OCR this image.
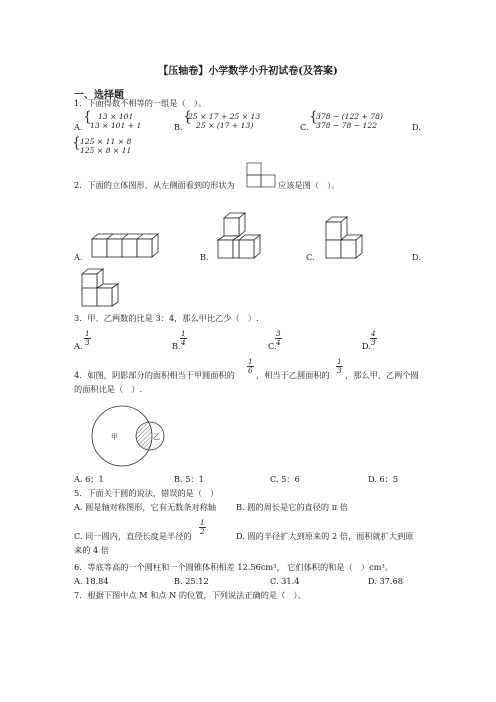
【压轴卷】小学数学小升初试卷(及答案)
一、选择题
1．下面得数不相等的一组是（　）。
A.
{ 13 × 101
13 × 101 + 1	B.
{
25 × 17 + 25 × 13
25 × (17 + 13)	C.
{
378 − (122 + 78)
378 − 78 − 122	D.
{ 125 × 11 × 8
125 × 8 × 11
2．下面的立体图形，从左侧面看到的形状为	应该是图（　）。
A.	B.	C.	D.
3．甲、乙两数的比是 3：4，那么甲比乙少（　）.
A. $\frac{1}{3}$	B. $\frac{1}{4}$	C.
$\frac{3}{4}$	D. $\frac{4}{3}$
4．如图，阴影部分的面积相当于甲圆面积的 $\frac{1}{6}$ ，相当于乙圆面积的 $\frac{1}{3}$ ，那么甲、乙两个圆
的面积比是（　）.
甲	乙
A. 6：1	B. 5：1	C. 5：6	D. 6：5
5．下面关于圆的说法，错误的是（　）
A. 圆是轴对称图形，它有无数条对称轴 B. 圆的周长是它的直径的 π 倍
C. 同一圆内，直径长度是半径的 $\frac{1}{2}$	D. 圆的半径扩大到原来的 2 倍，面积就扩大到原
来的 4 倍
6．等底等高的一个圆柱和一个圆锥体积相差 12.56cm³， 它们体积的和是（　）cm³。
A. 18.84	B. 25.12	C. 31.4	D. 37.68
7．根据下图中点 M 和点 N 的位置，下列说法正确的是（　）。
